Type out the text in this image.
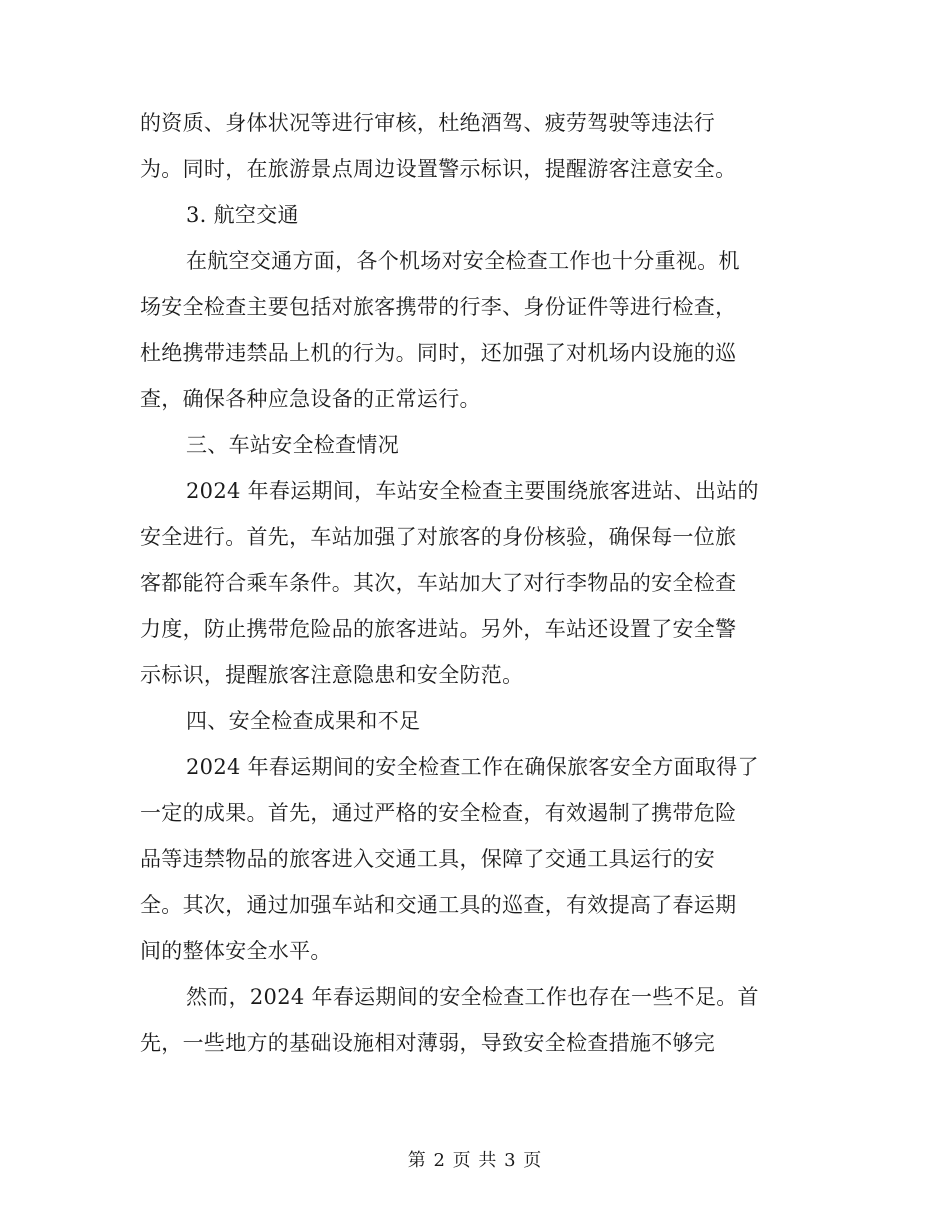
的资质、身体状况等进行审核，杜绝酒驾、疲劳驾驶等违法行
为。同时，在旅游景点周边设置警示标识，提醒游客注意安全。
3. 航空交通
在航空交通方面，各个机场对安全检查工作也十分重视。机
场安全检查主要包括对旅客携带的行李、身份证件等进行检查，
杜绝携带违禁品上机的行为。同时，还加强了对机场内设施的巡
查，确保各种应急设备的正常运行。
三、车站安全检查情况
2024 年春运期间，车站安全检查主要围绕旅客进站、出站的
安全进行。首先，车站加强了对旅客的身份核验，确保每一位旅
客都能符合乘车条件。其次，车站加大了对行李物品的安全检查
力度，防止携带危险品的旅客进站。另外，车站还设置了安全警
示标识，提醒旅客注意隐患和安全防范。
四、安全检查成果和不足
2024 年春运期间的安全检查工作在确保旅客安全方面取得了
一定的成果。首先，通过严格的安全检查，有效遏制了携带危险
品等违禁物品的旅客进入交通工具，保障了交通工具运行的安
全。其次，通过加强车站和交通工具的巡查，有效提高了春运期
间的整体安全水平。
然而，2024 年春运期间的安全检查工作也存在一些不足。首
先，一些地方的基础设施相对薄弱，导致安全检查措施不够完
第 2 页 共 3 页
